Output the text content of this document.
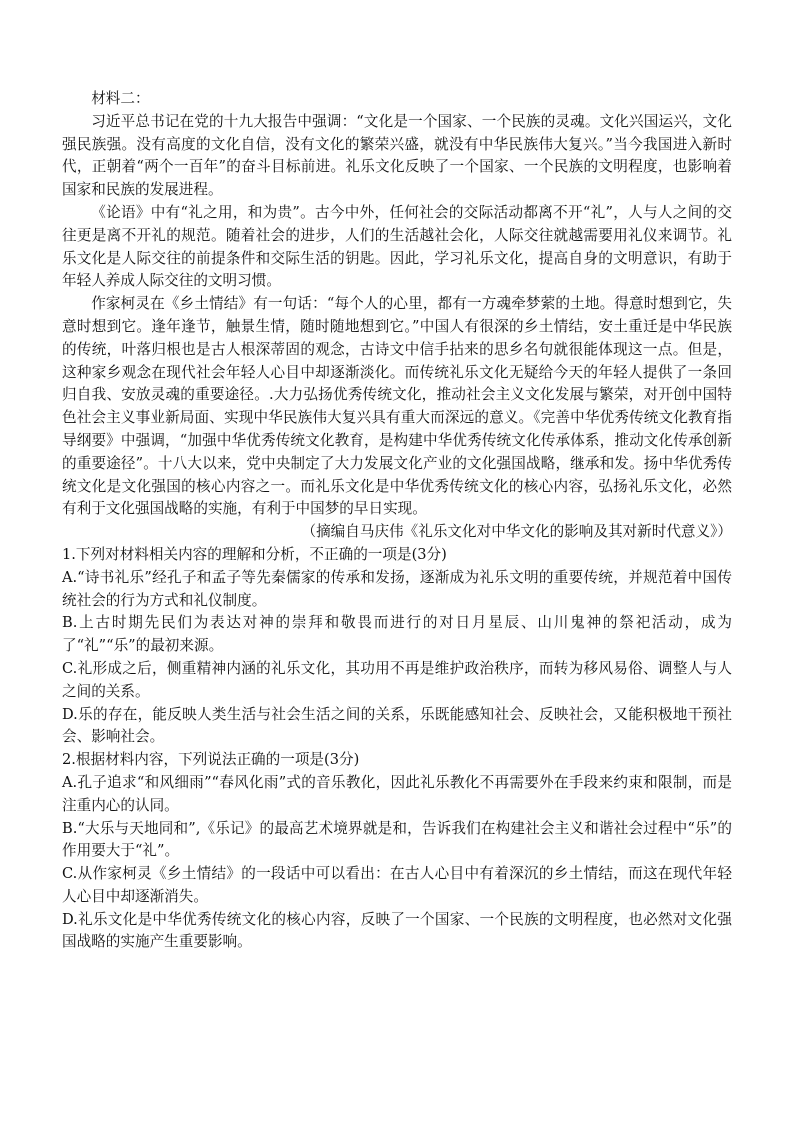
材料二：

习近平总书记在党的十九大报告中强调：“文化是一个国家、一个民族的灵魂。文化兴国运兴，文化强民族强。没有高度的文化自信，没有文化的繁荣兴盛，就没有中华民族伟大复兴。”当今我国进入新时代，正朝着“两个一百年”的奋斗目标前进。礼乐文化反映了一个国家、一个民族的文明程度，也影响着国家和民族的发展进程。

《论语》中有“礼之用，和为贵”。古今中外，任何社会的交际活动都离不开“礼”，人与人之间的交往更是离不开礼的规范。随着社会的进步，人们的生活越社会化，人际交往就越需要用礼仪来调节。礼乐文化是人际交往的前提条件和交际生活的钥匙。因此，学习礼乐文化，提高自身的文明意识，有助于年轻人养成人际交往的文明习惯。

作家柯灵在《乡土情结》有一句话：“每个人的心里，都有一方魂牵梦萦的土地。得意时想到它，失意时想到它。逢年逢节，触景生情，随时随地想到它。”中国人有很深的乡土情结，安土重迁是中华民族的传统，叶落归根也是古人根深蒂固的观念，古诗文中信手拈来的思乡名句就很能体现这一点。但是，这种家乡观念在现代社会年轻人心目中却逐渐淡化。而传统礼乐文化无疑给今天的年轻人提供了一条回归自我、安放灵魂的重要途径。.大力弘扬优秀传统文化，推动社会主义文化发展与繁荣，对开创中国特色社会主义事业新局面、实现中华民族伟大复兴具有重大而深远的意义。《完善中华优秀传统文化教育指导纲要》中强调，“加强中华优秀传统文化教育，是构建中华优秀传统文化传承体系，推动文化传承创新的重要途径”。十八大以来，党中央制定了大力发展文化产业的文化强国战略，继承和发。扬中华优秀传统文化是文化强国的核心内容之一。而礼乐文化是中华优秀传统文化的核心内容，弘扬礼乐文化，必然有利于文化强国战略的实施，有利于中国梦的早日实现。

（摘编自马庆伟《礼乐文化对中华文化的影响及其对新时代意义》）

1.下列对材料相关内容的理解和分析，不正确的一项是(3分)

A.“诗书礼乐”经孔子和孟子等先秦儒家的传承和发扬，逐渐成为礼乐文明的重要传统，并规范着中国传统社会的行为方式和礼仪制度。

B.上古时期先民们为表达对神的崇拜和敬畏而进行的对日月星辰、山川鬼神的祭祀活动，成为了“礼”“乐”的最初来源。

C.礼形成之后，侧重精神内涵的礼乐文化，其功用不再是维护政治秩序，而转为移风易俗、调整人与人之间的关系。

D.乐的存在，能反映人类生活与社会生活之间的关系，乐既能感知社会、反映社会，又能积极地干预社会、影响社会。

2.根据材料内容，下列说法正确的一项是(3分)

A.孔子追求“和风细雨”“春风化雨”式的音乐教化，因此礼乐教化不再需要外在手段来约束和限制，而是注重内心的认同。

B.“大乐与天地同和”,《乐记》的最高艺术境界就是和，告诉我们在构建社会主义和谐社会过程中“乐”的作用要大于“礼”。

C.从作家柯灵《乡土情结》的一段话中可以看出：在古人心目中有着深沉的乡土情结，而这在现代年轻人心目中却逐渐消失。

D.礼乐文化是中华优秀传统文化的核心内容，反映了一个国家、一个民族的文明程度，也必然对文化强国战略的实施产生重要影响。
